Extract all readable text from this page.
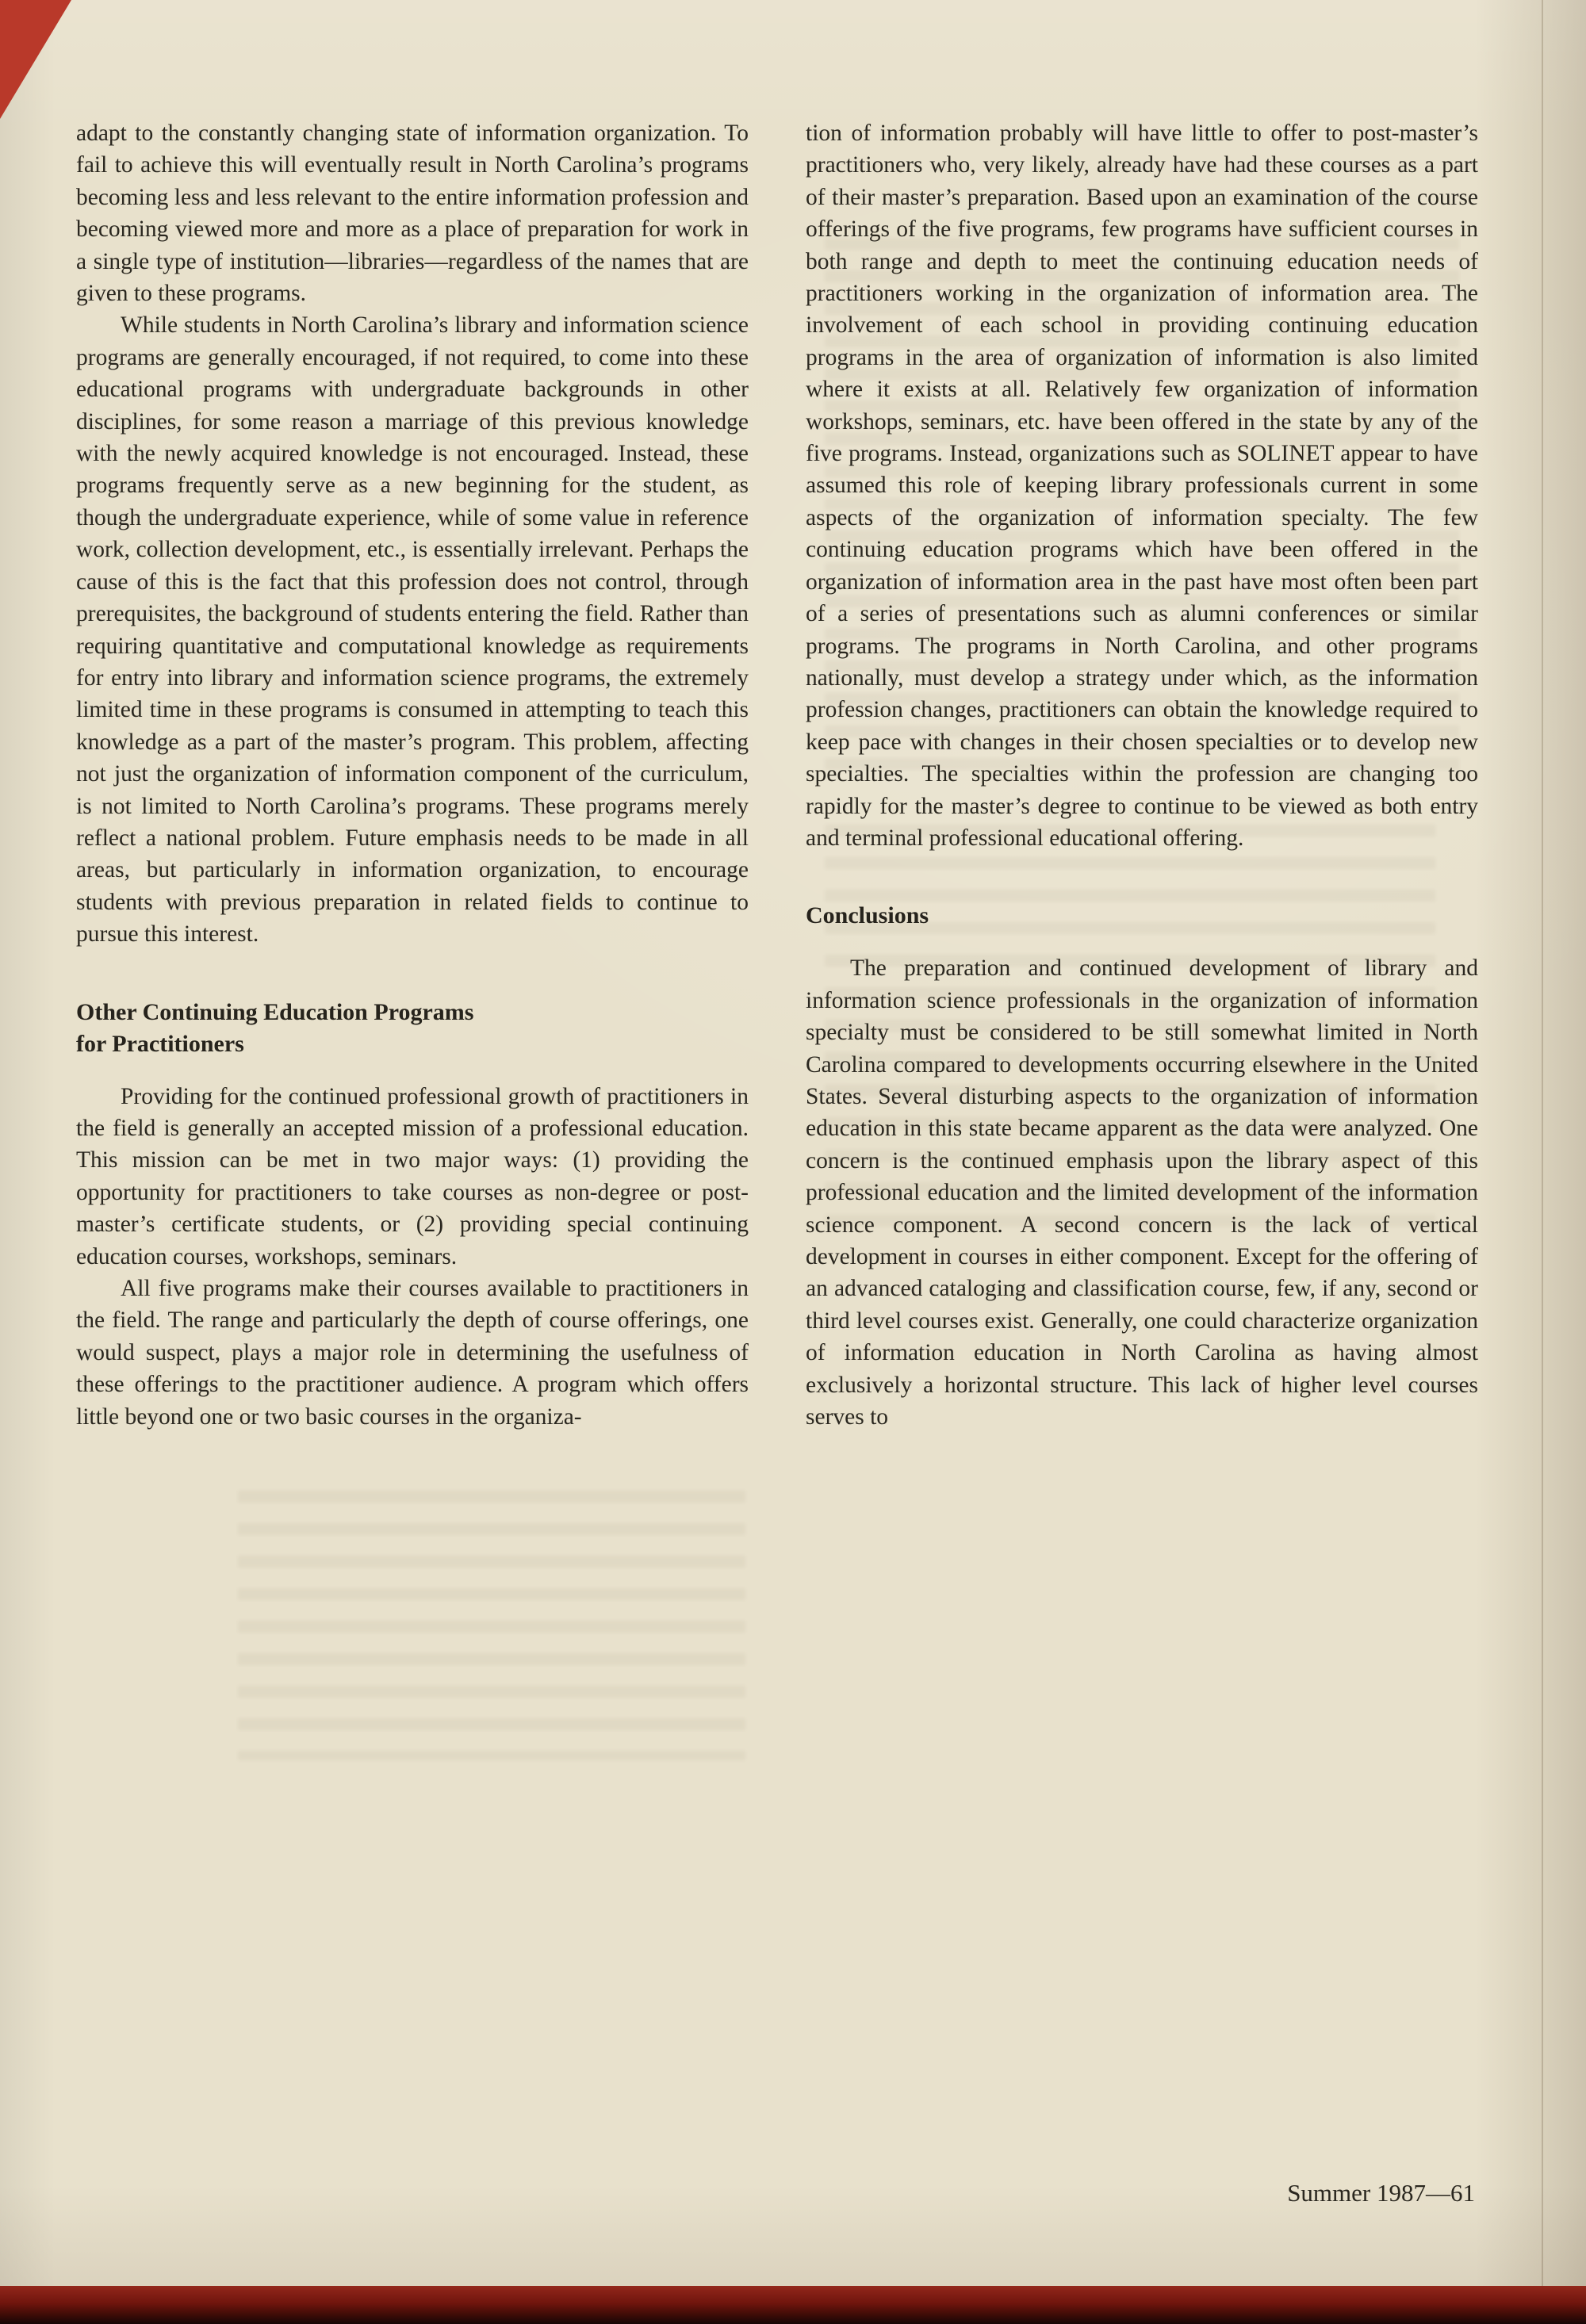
adapt to the constantly changing state of information organization. To fail to achieve this will eventually result in North Carolina’s programs becoming less and less relevant to the entire information profession and becoming viewed more and more as a place of preparation for work in a single type of institution—libraries—regardless of the names that are given to these programs.

While students in North Carolina’s library and information science programs are generally encouraged, if not required, to come into these educational programs with undergraduate backgrounds in other disciplines, for some reason a marriage of this previous knowledge with the newly acquired knowledge is not encouraged. Instead, these programs frequently serve as a new beginning for the student, as though the undergraduate experience, while of some value in reference work, collection development, etc., is essentially irrelevant. Perhaps the cause of this is the fact that this profession does not control, through prerequisites, the background of students entering the field. Rather than requiring quantitative and computational knowledge as requirements for entry into library and information science programs, the extremely limited time in these programs is consumed in attempting to teach this knowledge as a part of the master’s program. This problem, affecting not just the organization of information component of the curriculum, is not limited to North Carolina’s programs. These programs merely reflect a national problem. Future emphasis needs to be made in all areas, but particularly in information organization, to encourage students with previous preparation in related fields to continue to pursue this interest.

Other Continuing Education Programs
for Practitioners

Providing for the continued professional growth of practitioners in the field is generally an accepted mission of a professional education. This mission can be met in two major ways: (1) providing the opportunity for practitioners to take courses as non-degree or post-master’s certificate students, or (2) providing special continuing education courses, workshops, seminars.

All five programs make their courses available to practitioners in the field. The range and particularly the depth of course offerings, one would suspect, plays a major role in determining the usefulness of these offerings to the practitioner audience. A program which offers little beyond one or two basic courses in the organiza-

tion of information probably will have little to offer to post-master’s practitioners who, very likely, already have had these courses as a part of their master’s preparation. Based upon an examination of the course offerings of the five programs, few programs have sufficient courses in both range and depth to meet the continuing education needs of practitioners working in the organization of information area. The involvement of each school in providing continuing education programs in the area of organization of information is also limited where it exists at all. Relatively few organization of information workshops, seminars, etc. have been offered in the state by any of the five programs. Instead, organizations such as SOLINET appear to have assumed this role of keeping library professionals current in some aspects of the organization of information specialty. The few continuing education programs which have been offered in the organization of information area in the past have most often been part of a series of presentations such as alumni conferences or similar programs. The programs in North Carolina, and other programs nationally, must develop a strategy under which, as the information profession changes, practitioners can obtain the knowledge required to keep pace with changes in their chosen specialties or to develop new specialties. The specialties within the profession are changing too rapidly for the master’s degree to continue to be viewed as both entry and terminal professional educational offering.

Conclusions

The preparation and continued development of library and information science professionals in the organization of information specialty must be considered to be still somewhat limited in North Carolina compared to developments occurring elsewhere in the United States. Several disturbing aspects to the organization of information education in this state became apparent as the data were analyzed. One concern is the continued emphasis upon the library aspect of this professional education and the limited development of the information science component. A second concern is the lack of vertical development in courses in either component. Except for the offering of an advanced cataloging and classification course, few, if any, second or third level courses exist. Generally, one could characterize organization of information education in North Carolina as having almost exclusively a horizontal structure. This lack of higher level courses serves to

Summer 1987—61
